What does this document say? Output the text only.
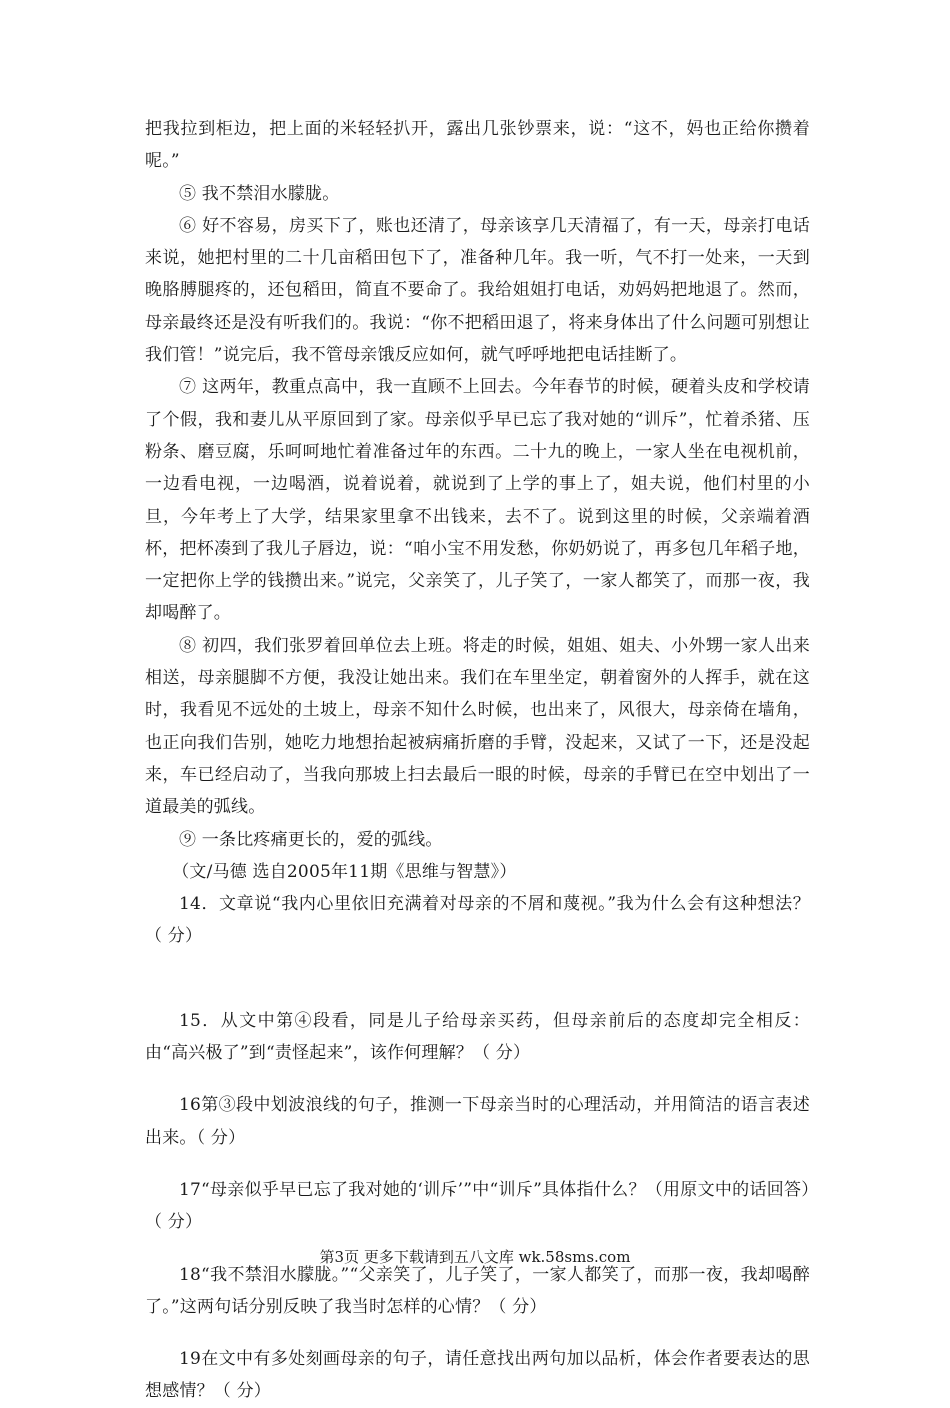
把我拉到柜边，把上面的米轻轻扒开，露出几张钞票来，说：“这不，妈也正给你攒着呢。”

⑤ 我不禁泪水朦胧。

⑥ 好不容易，房买下了，账也还清了，母亲该享几天清福了，有一天，母亲打电话来说，她把村里的二十几亩稻田包下了，准备种几年。我一听，气不打一处来，一天到晚胳膊腿疼的，还包稻田，简直不要命了。我给姐姐打电话，劝妈妈把地退了。然而，母亲最终还是没有听我们的。我说：“你不把稻田退了，将来身体出了什么问题可别想让我们管！”说完后，我不管母亲饿反应如何，就气呼呼地把电话挂断了。

⑦ 这两年，教重点高中，我一直顾不上回去。今年春节的时候，硬着头皮和学校请了个假，我和妻儿从平原回到了家。母亲似乎早已忘了我对她的“训斥”，忙着杀猪、压粉条、磨豆腐，乐呵呵地忙着准备过年的东西。二十九的晚上，一家人坐在电视机前，一边看电视，一边喝酒，说着说着，就说到了上学的事上了，姐夫说，他们村里的小旦，今年考上了大学，结果家里拿不出钱来，去不了。说到这里的时候，父亲端着酒杯，把杯凑到了我儿子唇边，说：“咱小宝不用发愁，你奶奶说了，再多包几年稻子地，一定把你上学的钱攒出来。”说完，父亲笑了，儿子笑了，一家人都笑了，而那一夜，我却喝醉了。

⑧ 初四，我们张罗着回单位去上班。将走的时候，姐姐、姐夫、小外甥一家人出来相送，母亲腿脚不方便，我没让她出来。我们在车里坐定，朝着窗外的人挥手，就在这时，我看见不远处的土坡上，母亲不知什么时候，也出来了，风很大，母亲倚在墙角，也正向我们告别，她吃力地想抬起被病痛折磨的手臂，没起来，又试了一下，还是没起来，车已经启动了，当我向那坡上扫去最后一眼的时候，母亲的手臂已在空中划出了一道最美的弧线。

⑨ 一条比疼痛更长的，爱的弧线。

（文/马德 选自2005年11期《思维与智慧》）

14．文章说“我内心里依旧充满着对母亲的不屑和蔑视。”我为什么会有这种想法？（ 分）

15．从文中第④段看，同是儿子给母亲买药，但母亲前后的态度却完全相反：由“高兴极了”到“责怪起来”，该作何理解？（ 分）

16第③段中划波浪线的句子，推测一下母亲当时的心理活动，并用简洁的语言表述出来。（ 分）

17“母亲似乎早已忘了我对她的‘训斥’”中“训斥”具体指什么？（用原文中的话回答）（ 分）

18“我不禁泪水朦胧。”“父亲笑了，儿子笑了，一家人都笑了，而那一夜，我却喝醉了。”这两句话分别反映了我当时怎样的心情？（ 分）

19在文中有多处刻画母亲的句子，请任意找出两句加以品析，体会作者要表达的思想感情？（ 分）

第3页 更多下载请到五八文库 wk.58sms.com
